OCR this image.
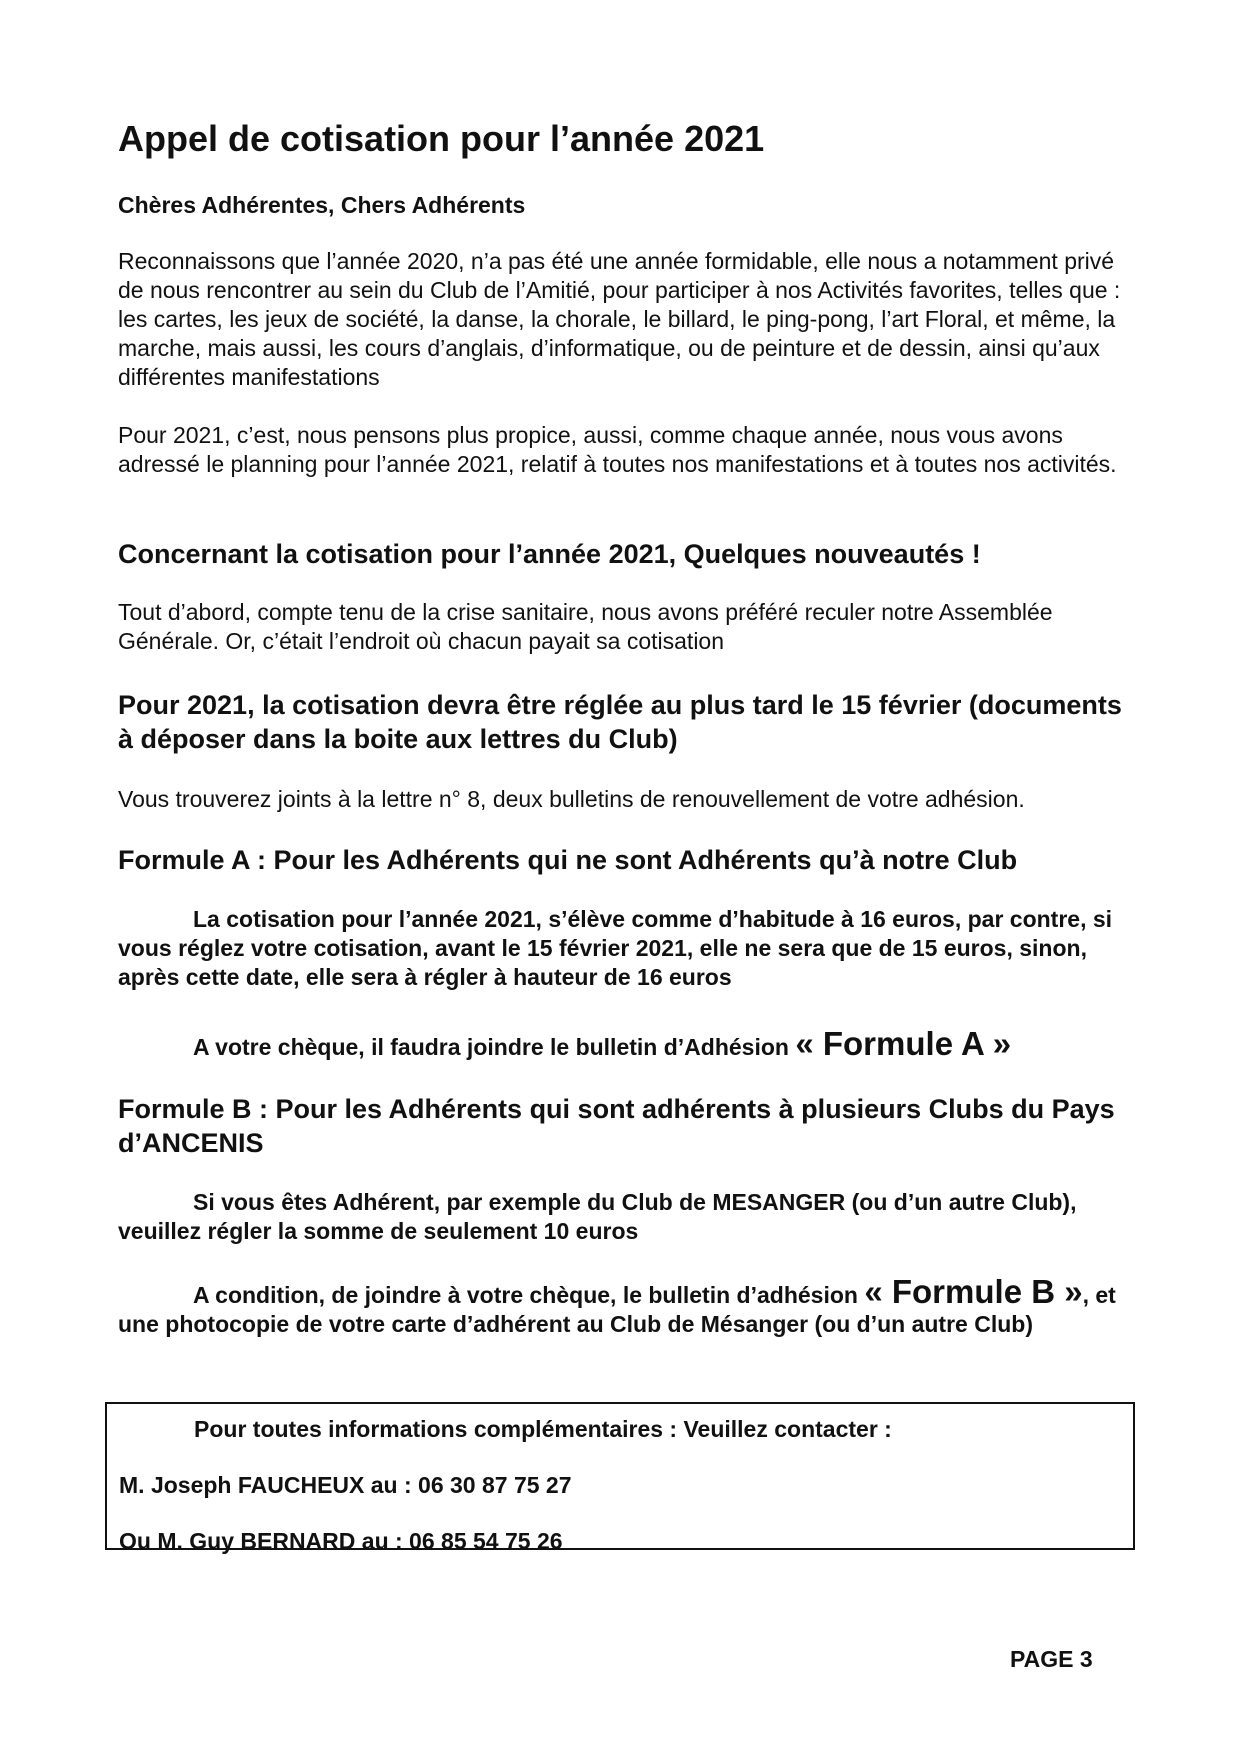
Appel de cotisation pour l’année 2021

Chères Adhérentes, Chers Adhérents

Reconnaissons que l’année 2020, n’a pas été une année formidable, elle nous a notamment privé de nous rencontrer au sein du Club de l’Amitié, pour participer à nos Activités favorites, telles que : les cartes, les jeux de société, la danse, la chorale, le billard, le ping-pong, l’art Floral, et même, la marche, mais aussi, les cours d’anglais, d’informatique, ou de peinture et de dessin, ainsi qu’aux différentes manifestations

Pour 2021, c’est, nous pensons plus propice, aussi, comme chaque année, nous vous avons adressé le planning pour l’année 2021, relatif à toutes nos manifestations et à toutes nos activités.

Concernant la cotisation pour l’année 2021, Quelques nouveautés !

Tout d’abord, compte tenu de la crise sanitaire, nous avons préféré reculer notre Assemblée Générale. Or, c’était l’endroit où chacun payait sa cotisation

Pour 2021, la cotisation devra être réglée au plus tard le 15 février (documents à déposer dans la boite aux lettres du Club)

Vous trouverez joints à la lettre n° 8, deux bulletins de renouvellement de votre adhésion.

Formule A : Pour les Adhérents qui ne sont Adhérents qu’à notre Club

La cotisation pour l’année 2021, s’élève comme d’habitude à 16 euros, par contre, si vous réglez votre cotisation, avant le 15 février 2021, elle ne sera que de 15 euros, sinon, après cette date, elle sera à régler à hauteur de 16 euros

A votre chèque, il faudra joindre le bulletin d’Adhésion « Formule A »

Formule B : Pour les Adhérents qui sont adhérents à plusieurs Clubs du Pays d’ANCENIS

Si vous êtes Adhérent, par exemple du Club de MESANGER (ou d’un autre Club), veuillez régler la somme de seulement 10 euros

A condition, de joindre à votre chèque, le bulletin d’adhésion « Formule B », et une photocopie de votre carte d’adhérent au Club de Mésanger (ou d’un autre Club)

Pour toutes informations complémentaires : Veuillez contacter :

M. Joseph FAUCHEUX au : 06 30 87 75 27

Ou M. Guy BERNARD au : 06 85 54 75 26

PAGE 3
